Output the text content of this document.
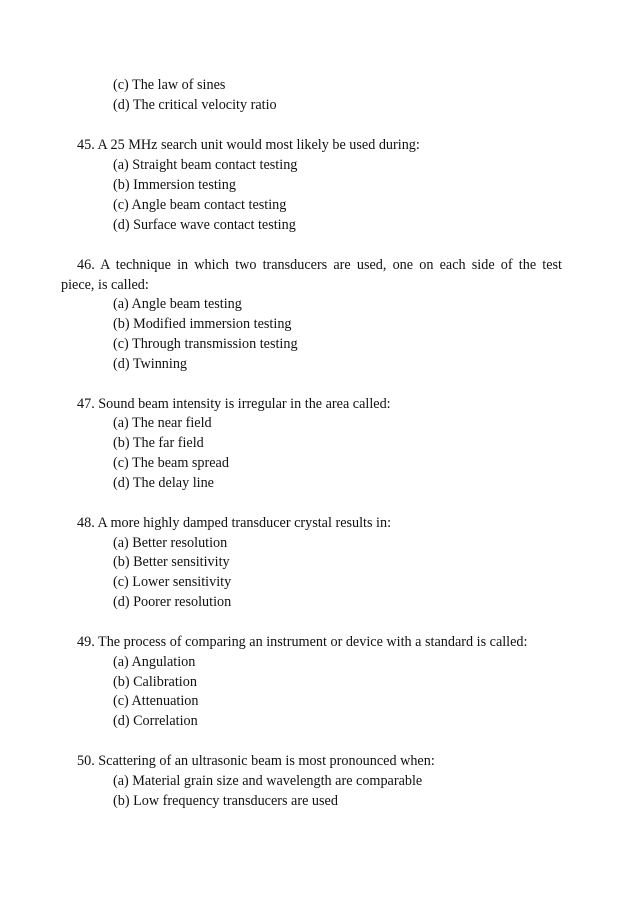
(c) The law of sines
(d) The critical velocity ratio
45. A 25 MHz search unit would most likely be used during:
(a) Straight beam contact testing
(b) Immersion testing
(c) Angle beam contact testing
(d) Surface wave contact testing
46. A technique in which two transducers are used, one on each side of the test
piece, is called:
(a) Angle beam testing
(b) Modified immersion testing
(c) Through transmission testing
(d) Twinning
47. Sound beam intensity is irregular in the area called:
(a) The near field
(b) The far field
(c) The beam spread
(d) The delay line
48. A more highly damped transducer crystal results in:
(a) Better resolution
(b) Better sensitivity
(c) Lower sensitivity
(d) Poorer resolution
49. The process of comparing an instrument or device with a standard is called:
(a) Angulation
(b) Calibration
(c) Attenuation
(d) Correlation
50. Scattering of an ultrasonic beam is most pronounced when:
(a) Material grain size and wavelength are comparable
(b) Low frequency transducers are used
